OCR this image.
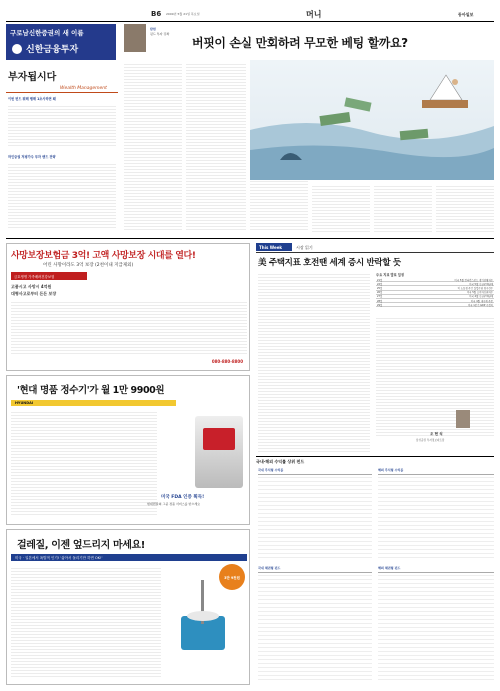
B6 2009년 5월 21일 목요일	머니	동아일보
구로남신한증권의 새 이름
신한금융투자
칼럼
펀드 투자 강좌
버핏이 손실 만회하려 무모한 베팅 할까요?
부자됩시다
Wealth Management
이번 펀드 뭐해 행해 1초사하면 돼
하인증권 저평가주 투자 밴드 전략
사망보장보험금 3억! 고액 사망보장 시대를 열다!
어린 사망이라도 3억 보장 (2천이내 지급제외)
금호생명 가족배려건강보험
고품시고 사망시 4억원
대형사고로부터 든든 보장
080-880-8800
'현대 명품 정수기'가 월 1만 9900원
HYUNDAI
미국 FDA 인증 획득!
현대렌탈의 그중 정품 서비스를 받으세요
걸레질, 이젠 엎드리지 마세요!
미국 · 일본에서 폭발적 인기! '삶아서 돌리기만 하면 OK!'
3만 9천원
This Week	시장 읽기
美 주택지표 호전땐 세계 증시 반락할 듯
주요 지표 발표 일정
21일	미국 5월 컨퍼런스보드 경기선행지수
22일	미국 5월 신규주택판매
25일	미 노동청 주간 실업수당 청구건수
26일	미국 5월 소비자신뢰지수
27일	미국 4월 신규주택판매
28일	미국 4월 내구재 주문
29일	미국 1분기 GDP 수정치
오 현 식
삼성증권 투자정보파트장
국내·해외 수익률 상위 펀드
국내 주식형 수익률	해외 주식형 수익률
국내 채권형 펀드	해외 채권형 펀드
